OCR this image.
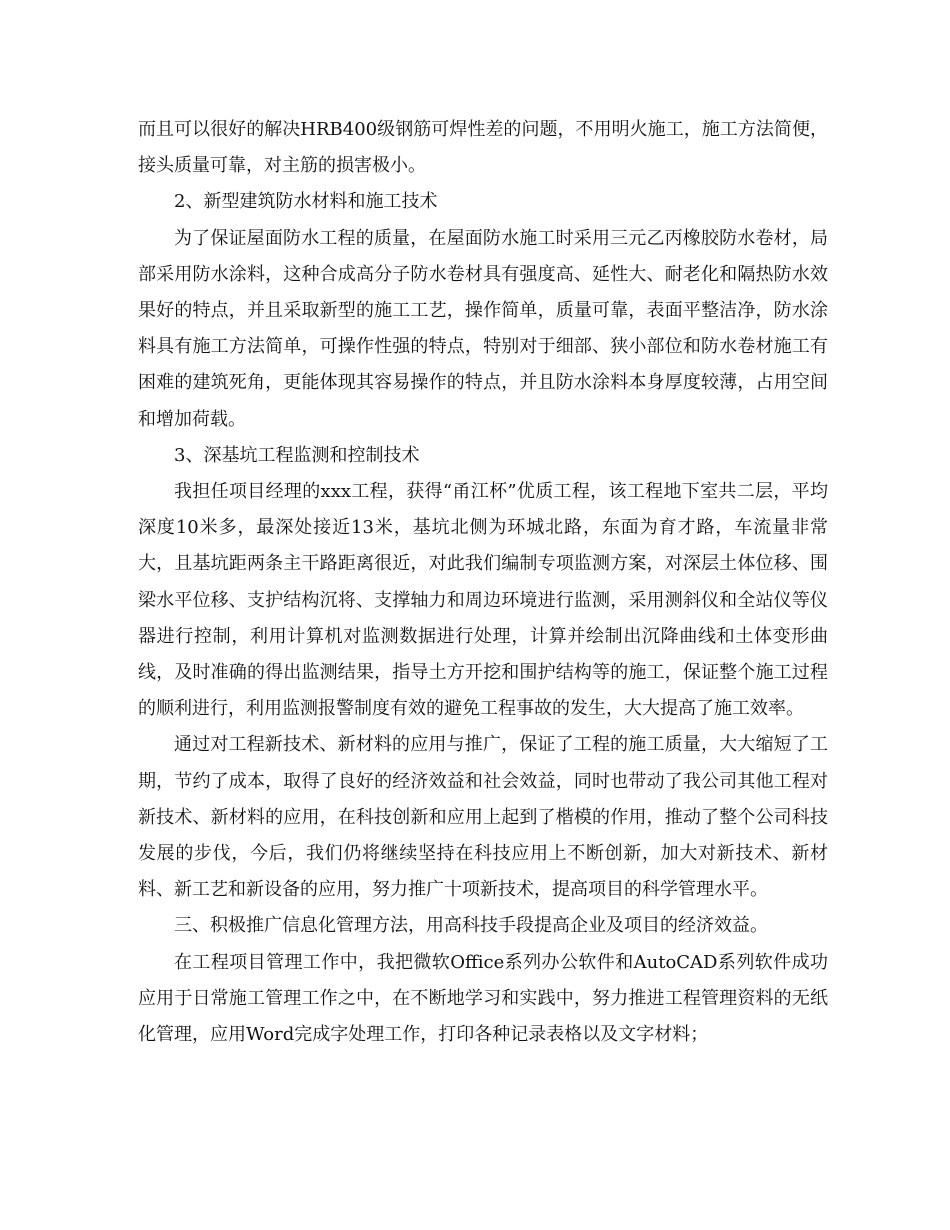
而且可以很好的解决HRB400级钢筋可焊性差的问题，不用明火施工，施工方法简便，接头质量可靠，对主筋的损害极小。

2、新型建筑防水材料和施工技术

为了保证屋面防水工程的质量，在屋面防水施工时采用三元乙丙橡胶防水卷材，局部采用防水涂料，这种合成高分子防水卷材具有强度高、延性大、耐老化和隔热防水效果好的特点，并且采取新型的施工工艺，操作简单，质量可靠，表面平整洁净，防水涂料具有施工方法简单，可操作性强的特点，特别对于细部、狭小部位和防水卷材施工有困难的建筑死角，更能体现其容易操作的特点，并且防水涂料本身厚度较薄，占用空间和增加荷载。

3、深基坑工程监测和控制技术

我担任项目经理的xxx工程，获得“甬江杯”优质工程，该工程地下室共二层，平均深度10米多，最深处接近13米，基坑北侧为环城北路，东面为育才路，车流量非常大，且基坑距两条主干路距离很近，对此我们编制专项监测方案，对深层土体位移、围梁水平位移、支护结构沉将、支撑轴力和周边环境进行监测，采用测斜仪和全站仪等仪器进行控制，利用计算机对监测数据进行处理，计算并绘制出沉降曲线和土体变形曲线，及时准确的得出监测结果，指导土方开挖和围护结构等的施工，保证整个施工过程的顺利进行，利用监测报警制度有效的避免工程事故的发生，大大提高了施工效率。

通过对工程新技术、新材料的应用与推广，保证了工程的施工质量，大大缩短了工期，节约了成本，取得了良好的经济效益和社会效益，同时也带动了我公司其他工程对新技术、新材料的应用，在科技创新和应用上起到了楷模的作用，推动了整个公司科技发展的步伐，今后，我们仍将继续坚持在科技应用上不断创新，加大对新技术、新材料、新工艺和新设备的应用，努力推广十项新技术，提高项目的科学管理水平。

三、积极推广信息化管理方法，用高科技手段提高企业及项目的经济效益。

在工程项目管理工作中，我把微软Office系列办公软件和AutoCAD系列软件成功应用于日常施工管理工作之中，在不断地学习和实践中，努力推进工程管理资料的无纸化管理，应用Word完成字处理工作，打印各种记录表格以及文字材料；
